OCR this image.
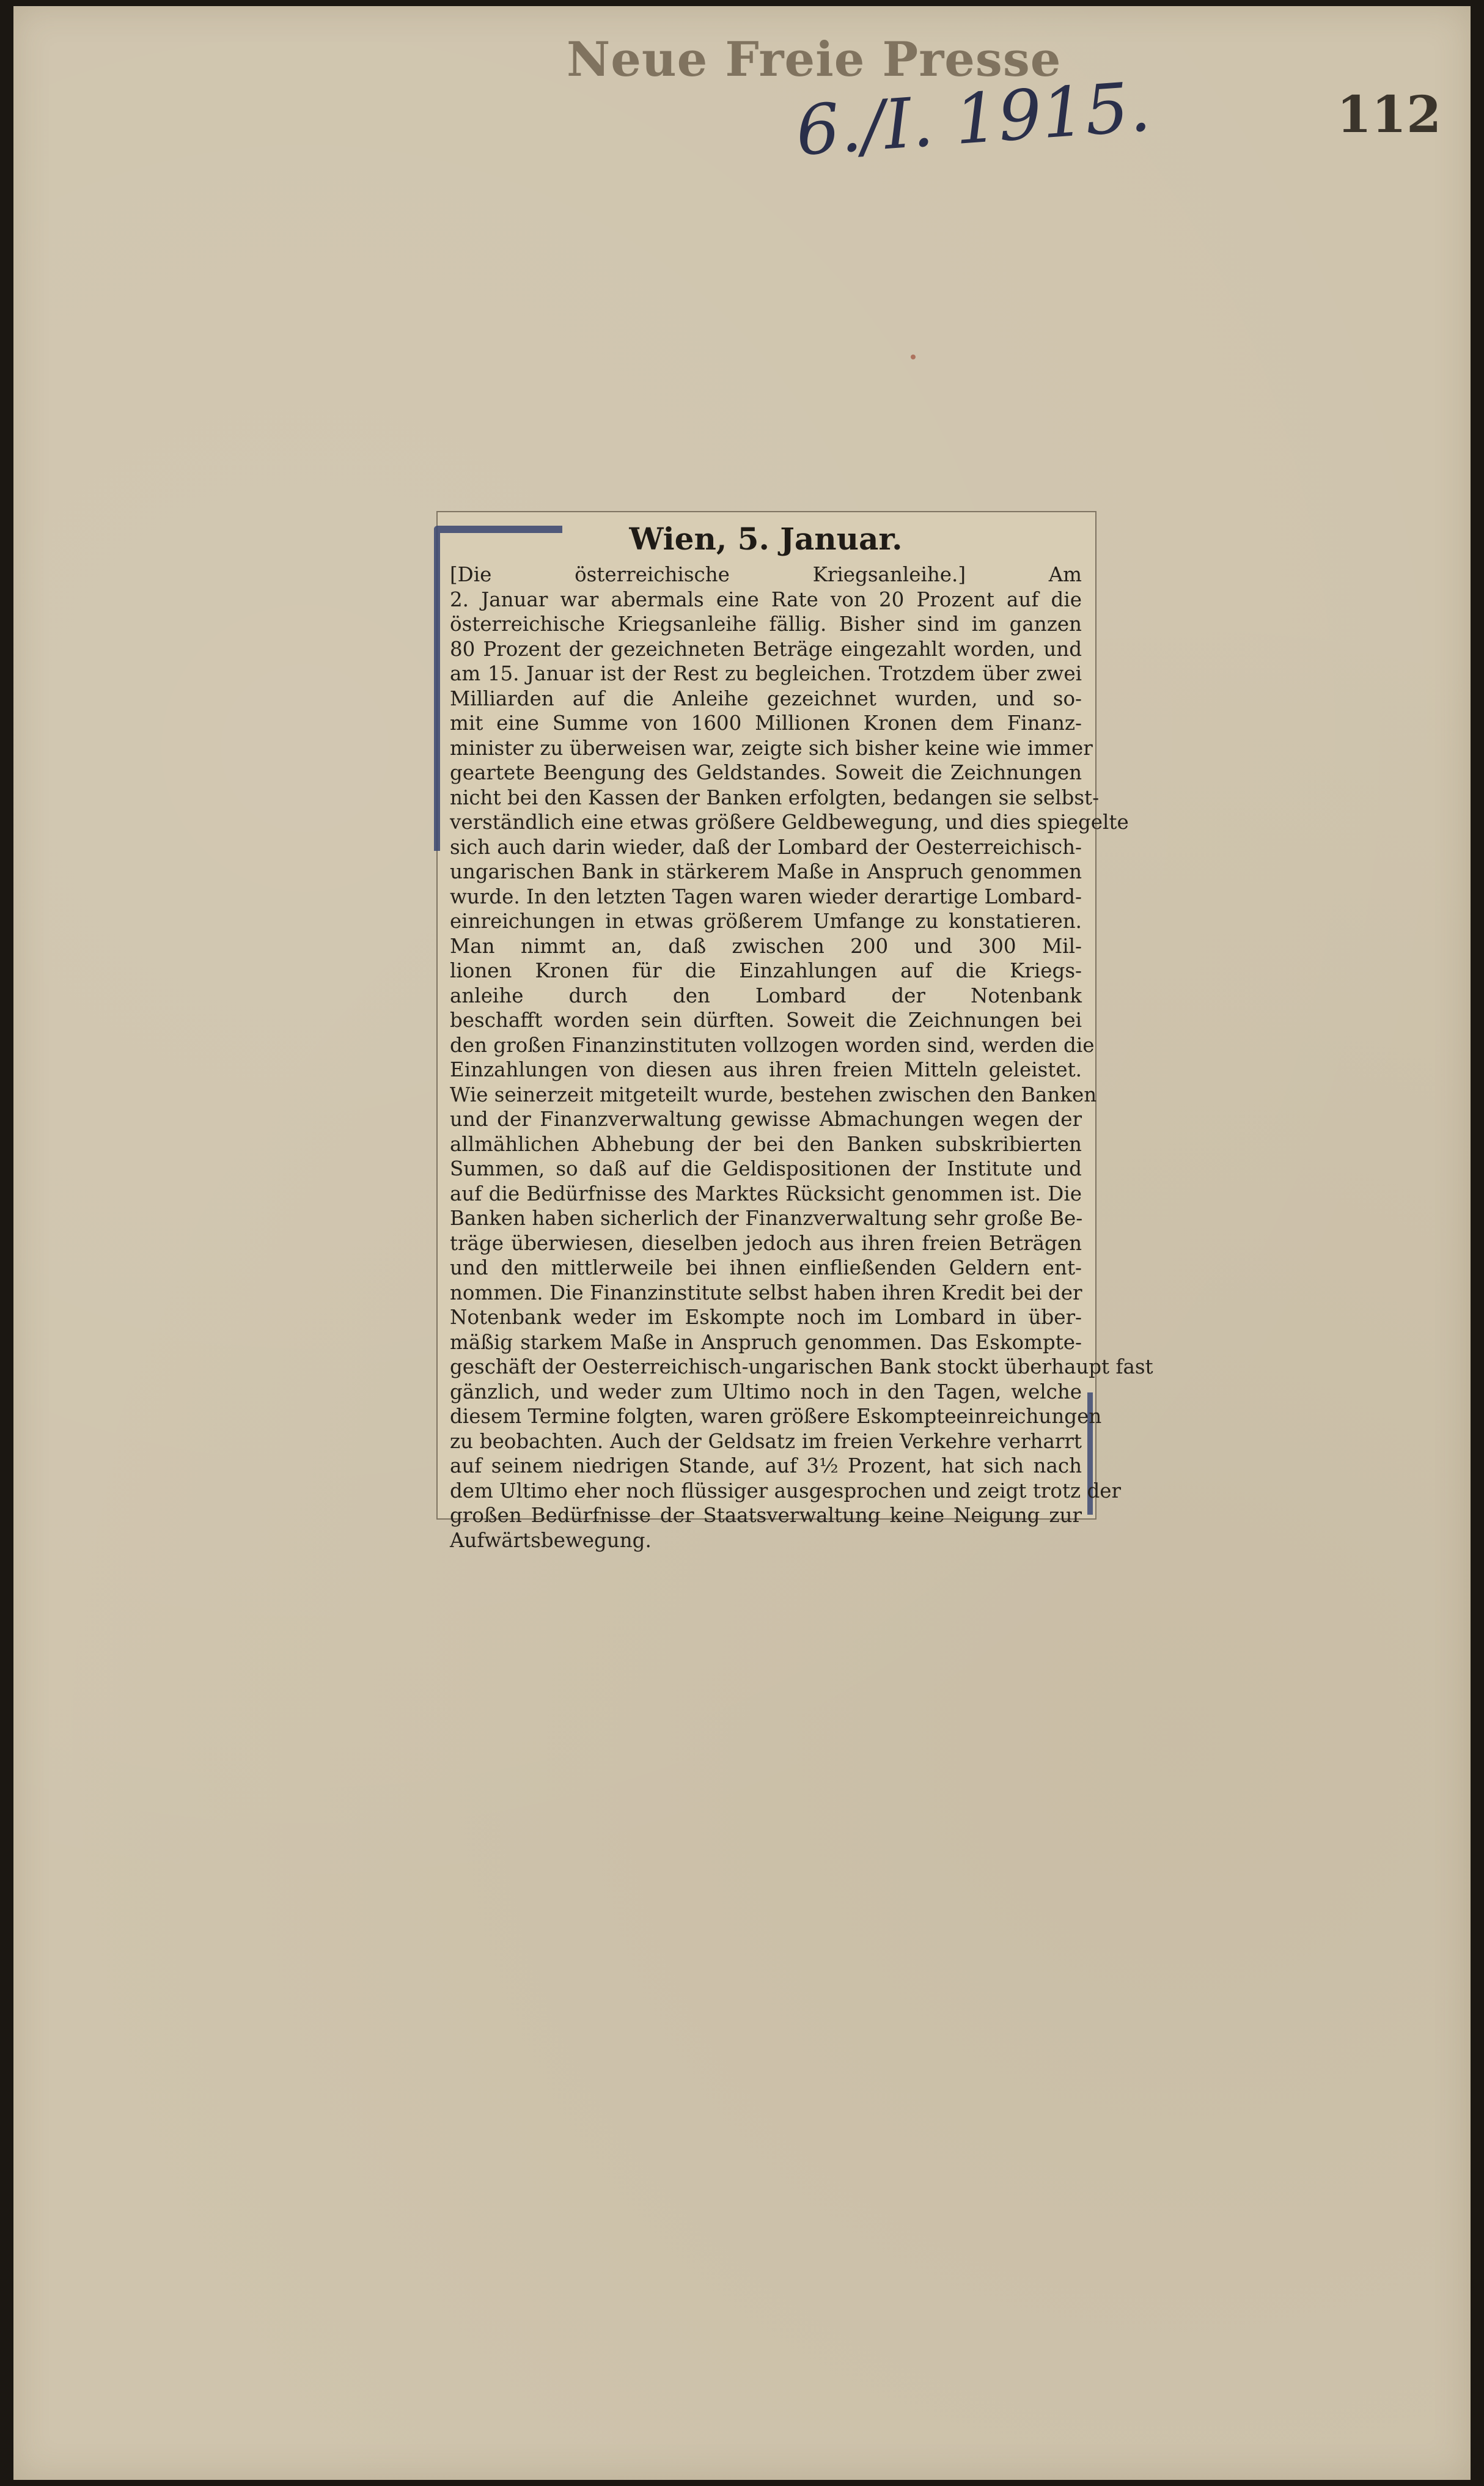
Neue Freie Presse
6./I. 1915.	112
Wien, 5. Januar.
[Die österreichische Kriegsanleihe.] Am
2. Januar war abermals eine Rate von 20 Prozent auf die
österreichische Kriegsanleihe fällig. Bisher sind im ganzen
80 Prozent der gezeichneten Beträge eingezahlt worden, und
am 15. Januar ist der Rest zu begleichen. Trotzdem über zwei
Milliarden auf die Anleihe gezeichnet wurden, und so-
mit eine Summe von 1600 Millionen Kronen dem Finanz-
minister zu überweisen war, zeigte sich bisher keine wie immer
geartete Beengung des Geldstandes. Soweit die Zeichnungen
nicht bei den Kassen der Banken erfolgten, bedangen sie selbst-
verständlich eine etwas größere Geldbewegung, und dies spiegelte
sich auch darin wieder, daß der Lombard der Oesterreichisch-
ungarischen Bank in stärkerem Maße in Anspruch genommen
wurde. In den letzten Tagen waren wieder derartige Lombard-
einreichungen in etwas größerem Umfange zu konstatieren.
Man nimmt an, daß zwischen 200 und 300 Mil-
lionen Kronen für die Einzahlungen auf die Kriegs-
anleihe durch den Lombard der Notenbank
beschafft worden sein dürften. Soweit die Zeichnungen bei
den großen Finanzinstituten vollzogen worden sind, werden die
Einzahlungen von diesen aus ihren freien Mitteln geleistet.
Wie seinerzeit mitgeteilt wurde, bestehen zwischen den Banken
und der Finanzverwaltung gewisse Abmachungen wegen der
allmählichen Abhebung der bei den Banken subskribierten
Summen, so daß auf die Geldispositionen der Institute und
auf die Bedürfnisse des Marktes Rücksicht genommen ist. Die
Banken haben sicherlich der Finanzverwaltung sehr große Be-
träge überwiesen, dieselben jedoch aus ihren freien Beträgen
und den mittlerweile bei ihnen einfließenden Geldern ent-
nommen. Die Finanzinstitute selbst haben ihren Kredit bei der
Notenbank weder im Eskompte noch im Lombard in über-
mäßig starkem Maße in Anspruch genommen. Das Eskompte-
geschäft der Oesterreichisch-ungarischen Bank stockt überhaupt fast
gänzlich, und weder zum Ultimo noch in den Tagen, welche
diesem Termine folgten, waren größere Eskompteeinreichungen
zu beobachten. Auch der Geldsatz im freien Verkehre verharrt
auf seinem niedrigen Stande, auf 3½ Prozent, hat sich nach
dem Ultimo eher noch flüssiger ausgesprochen und zeigt trotz der
großen Bedürfnisse der Staatsverwaltung keine Neigung zur
Aufwärtsbewegung.
